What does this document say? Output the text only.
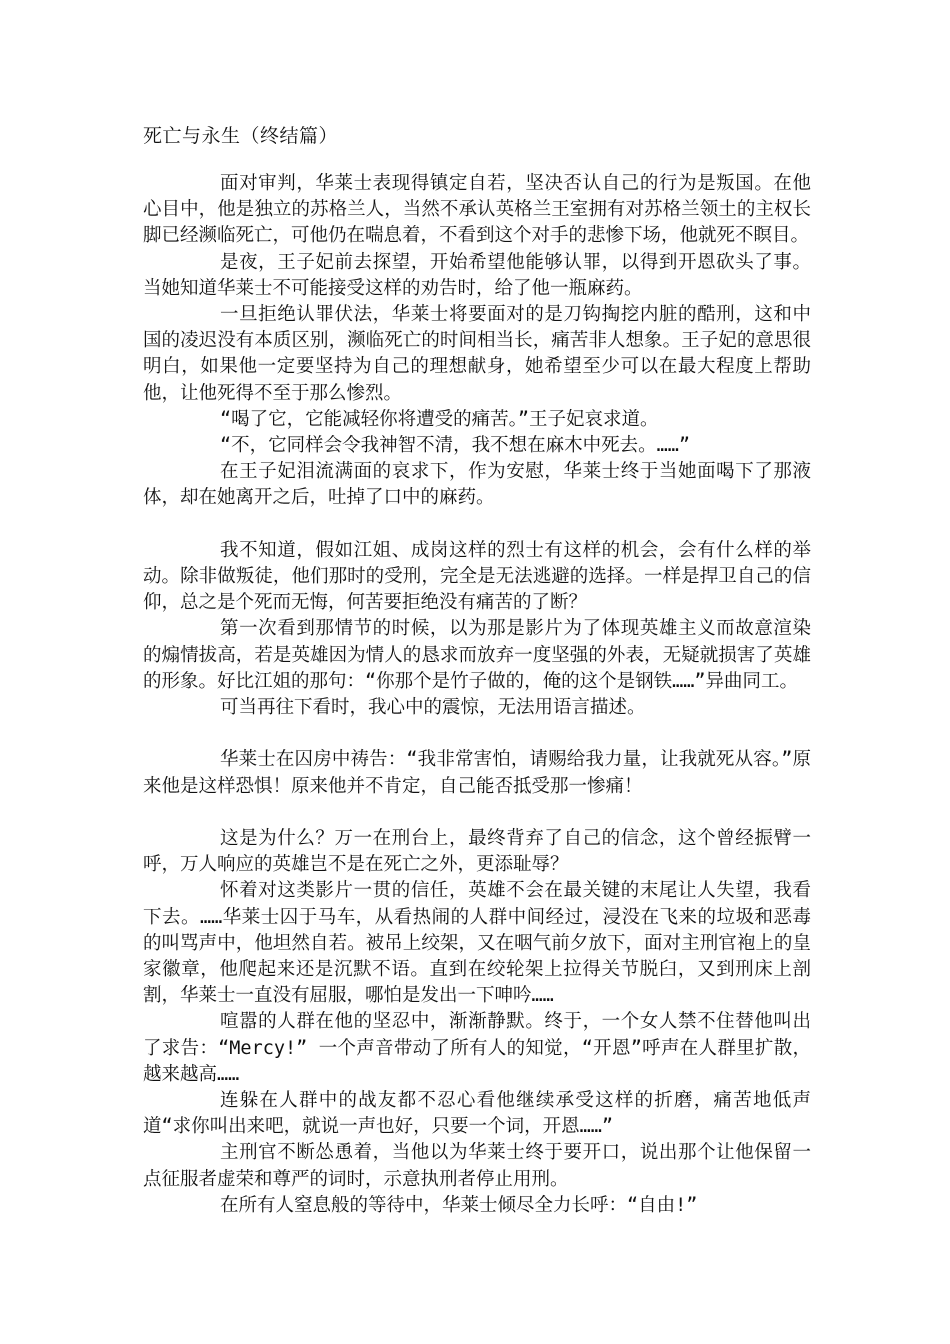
死亡与永生（终结篇）

面对审判，华莱士表现得镇定自若，坚决否认自己的行为是叛国。在他心目中，他是独立的苏格兰人，当然不承认英格兰王室拥有对苏格兰领土的主权长脚已经濒临死亡，可他仍在喘息着，不看到这个对手的悲惨下场，他就死不瞑目。

是夜，王子妃前去探望，开始希望他能够认罪，以得到开恩砍头了事。当她知道华莱士不可能接受这样的劝告时，给了他一瓶麻药。

一旦拒绝认罪伏法，华莱士将要面对的是刀钩掏挖内脏的酷刑，这和中国的凌迟没有本质区别，濒临死亡的时间相当长，痛苦非人想象。王子妃的意思很明白，如果他一定要坚持为自己的理想献身，她希望至少可以在最大程度上帮助他，让他死得不至于那么惨烈。

“喝了它，它能减轻你将遭受的痛苦。”王子妃哀求道。

“不，它同样会令我神智不清，我不想在麻木中死去。……”

在王子妃泪流满面的哀求下，作为安慰，华莱士终于当她面喝下了那液体，却在她离开之后，吐掉了口中的麻药。

我不知道，假如江姐、成岗这样的烈士有这样的机会，会有什么样的举动。除非做叛徒，他们那时的受刑，完全是无法逃避的选择。一样是捍卫自己的信仰，总之是个死而无悔，何苦要拒绝没有痛苦的了断？

第一次看到那情节的时候，以为那是影片为了体现英雄主义而故意渲染的煽情拔高，若是英雄因为情人的恳求而放弃一度坚强的外表，无疑就损害了英雄的形象。好比江姐的那句：“你那个是竹子做的，俺的这个是钢铁……”异曲同工。

可当再往下看时，我心中的震惊，无法用语言描述。

华莱士在囚房中祷告：“我非常害怕，请赐给我力量，让我就死从容。”原来他是这样恐惧！原来他并不肯定，自己能否抵受那一惨痛！

这是为什么？万一在刑台上，最终背弃了自己的信念，这个曾经振臂一呼，万人响应的英雄岂不是在死亡之外，更添耻辱？

怀着对这类影片一贯的信任，英雄不会在最关键的末尾让人失望，我看下去。……华莱士囚于马车，从看热闹的人群中间经过，浸没在飞来的垃圾和恶毒的叫骂声中，他坦然自若。被吊上绞架，又在咽气前夕放下，面对主刑官袍上的皇家徽章，他爬起来还是沉默不语。直到在绞轮架上拉得关节脱臼，又到刑床上剖割，华莱士一直没有屈服，哪怕是发出一下呻吟……

喧嚣的人群在他的坚忍中，渐渐静默。终于，一个女人禁不住替他叫出了求告：“Mercy!” 一个声音带动了所有人的知觉，“开恩”呼声在人群里扩散，越来越高……

连躲在人群中的战友都不忍心看他继续承受这样的折磨，痛苦地低声道“求你叫出来吧，就说一声也好，只要一个词，开恩……”

主刑官不断怂恿着，当他以为华莱士终于要开口，说出那个让他保留一点征服者虚荣和尊严的词时，示意执刑者停止用刑。

在所有人窒息般的等待中，华莱士倾尽全力长呼：“自由!”
